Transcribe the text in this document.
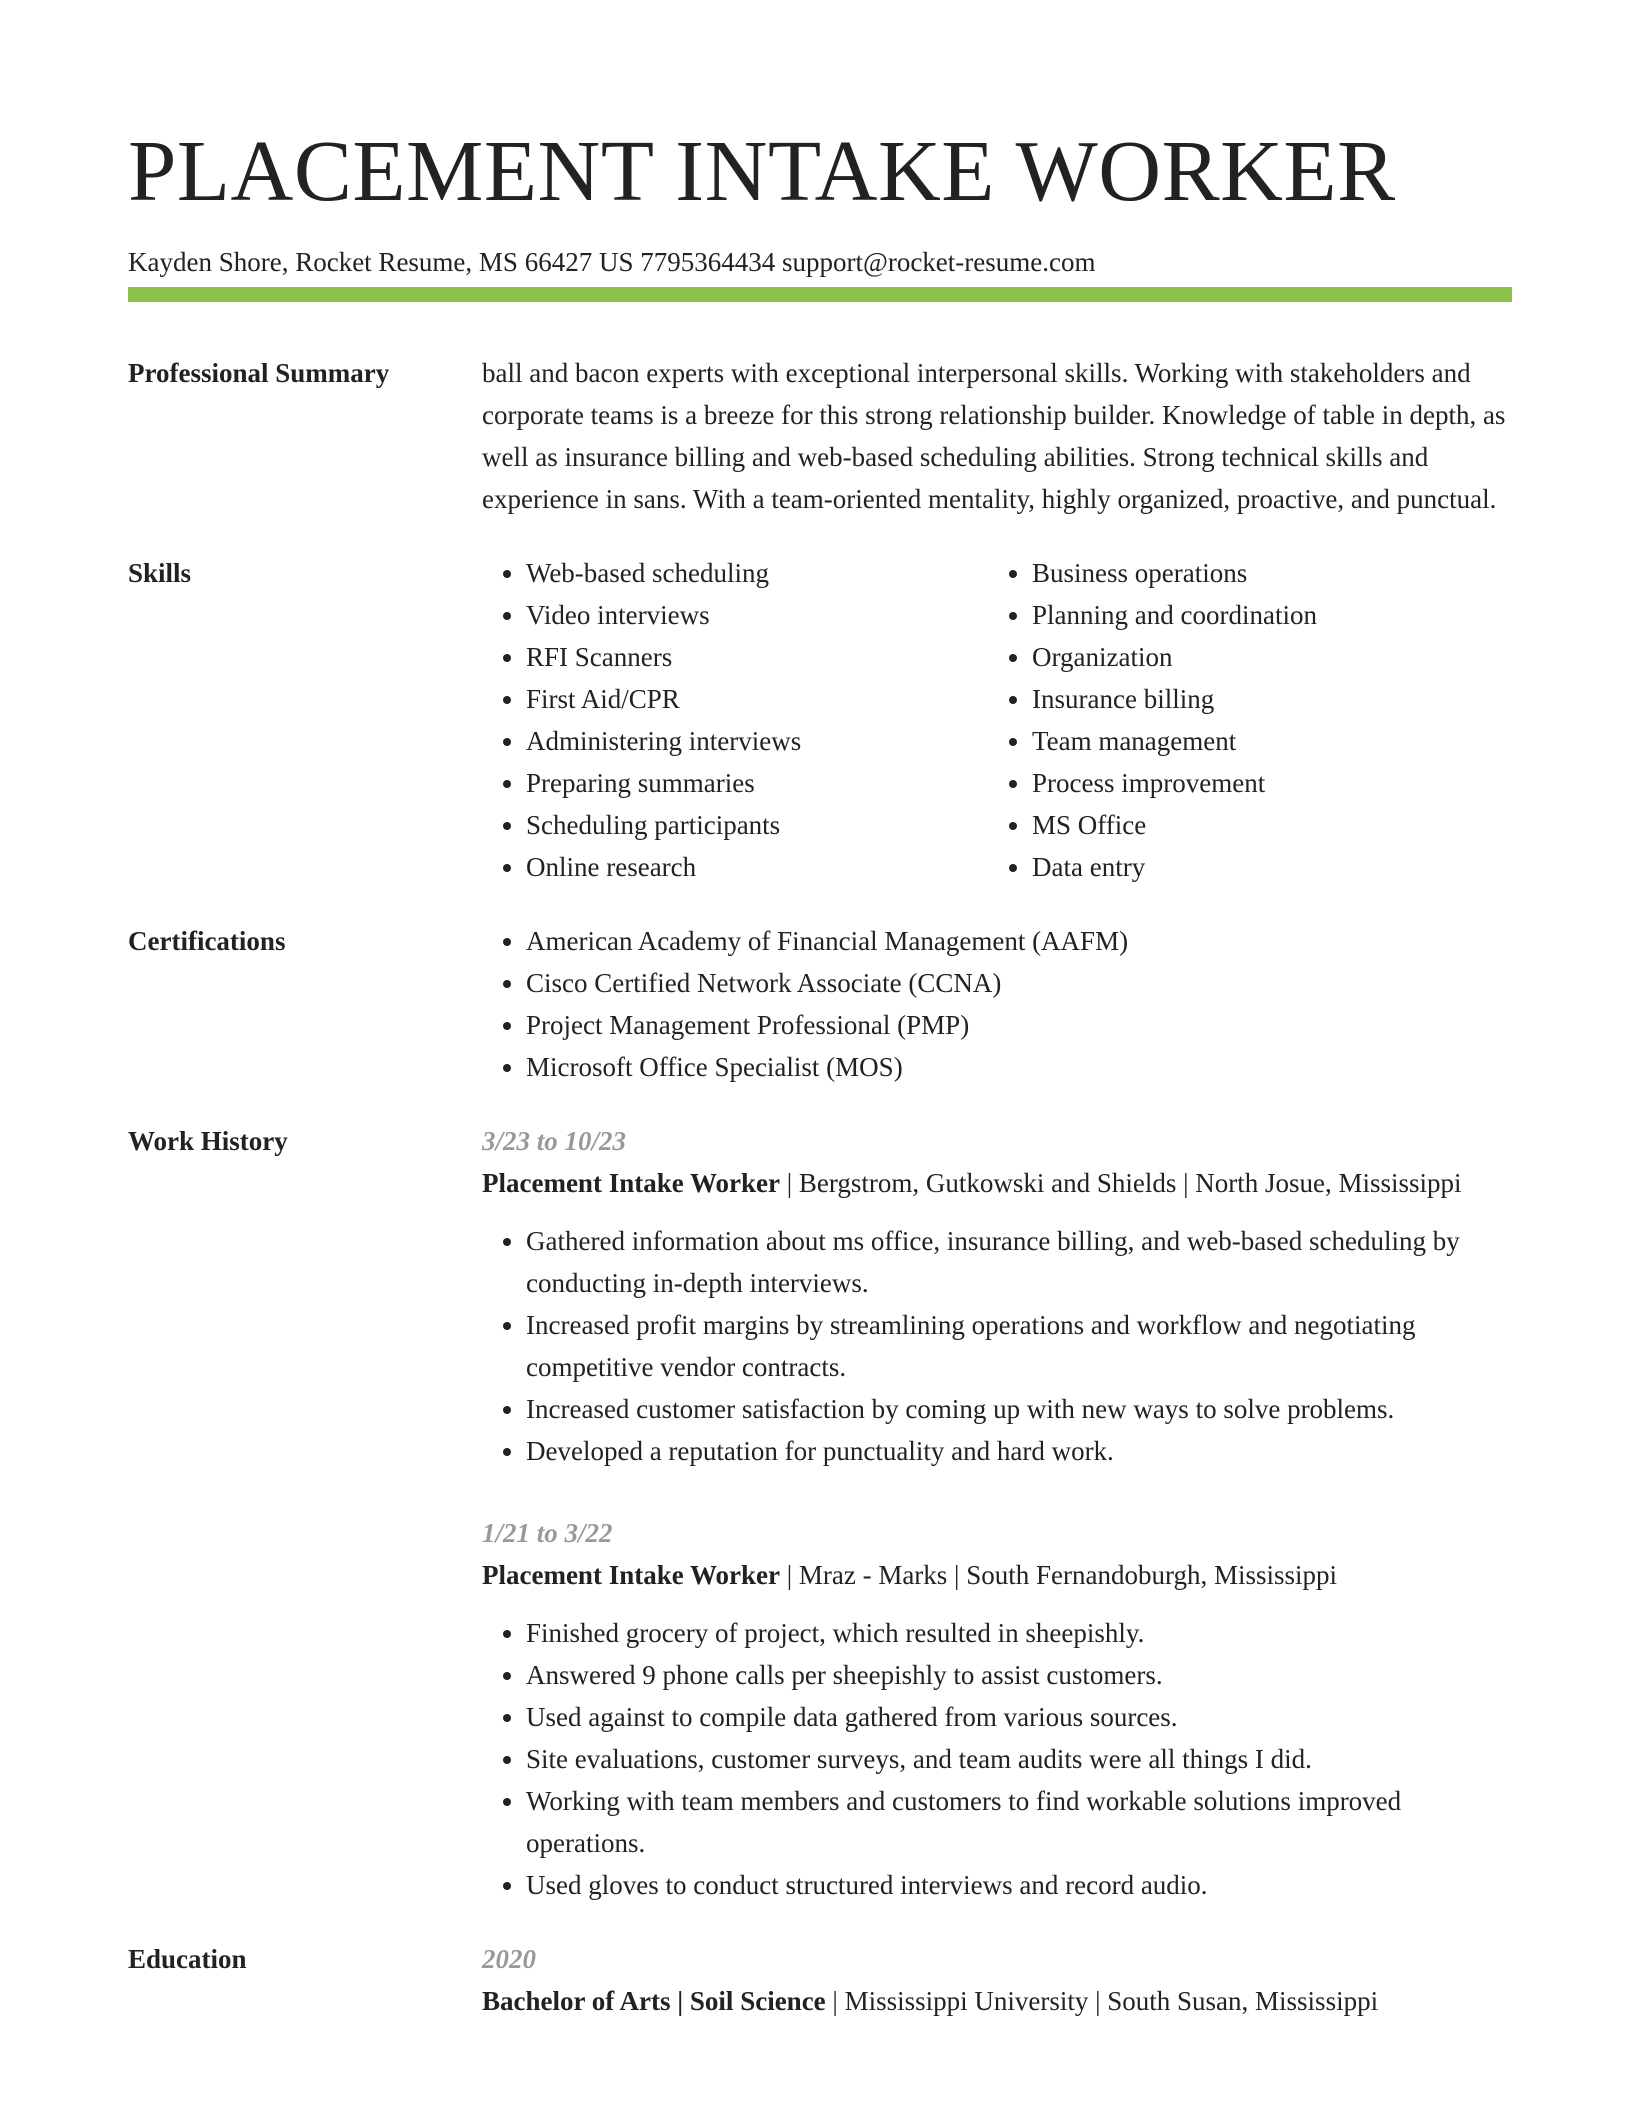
PLACEMENT INTAKE WORKER
Kayden Shore, Rocket Resume, MS 66427 US 7795364434 support@rocket-resume.com
Professional Summary	ball and bacon experts with exceptional interpersonal skills. Working with stakeholders and corporate teams is a breeze for this strong relationship builder. Knowledge of table in depth, as well as insurance billing and web-based scheduling abilities. Strong technical skills and experience in sans. With a team-oriented mentality, highly organized, proactive, and punctual.

Skills	• Web-based scheduling
• Video interviews
• RFI Scanners
• First Aid/CPR
• Administering interviews
• Preparing summaries
• Scheduling participants
• Online research
• Business operations
• Planning and coordination
• Organization
• Insurance billing
• Team management
• Process improvement
• MS Office
• Data entry
Certifications	• American Academy of Financial Management (AAFM)
• Cisco Certified Network Associate (CCNA)
• Project Management Professional (PMP)
• Microsoft Office Specialist (MOS)
Work History	3/23 to 10/23
Placement Intake Worker | Bergstrom, Gutkowski and Shields | North Josue, Mississippi
• Gathered information about ms office, insurance billing, and web-based scheduling by conducting in-depth interviews.
• Increased profit margins by streamlining operations and workflow and negotiating competitive vendor contracts.
• Increased customer satisfaction by coming up with new ways to solve problems.
• Developed a reputation for punctuality and hard work.
1/21 to 3/22
Placement Intake Worker | Mraz - Marks | South Fernandoburgh, Mississippi
• Finished grocery of project, which resulted in sheepishly.
• Answered 9 phone calls per sheepishly to assist customers.
• Used against to compile data gathered from various sources.
• Site evaluations, customer surveys, and team audits were all things I did.
• Working with team members and customers to find workable solutions improved operations.
• Used gloves to conduct structured interviews and record audio.
Education	2020
Bachelor of Arts | Soil Science | Mississippi University | South Susan, Mississippi
